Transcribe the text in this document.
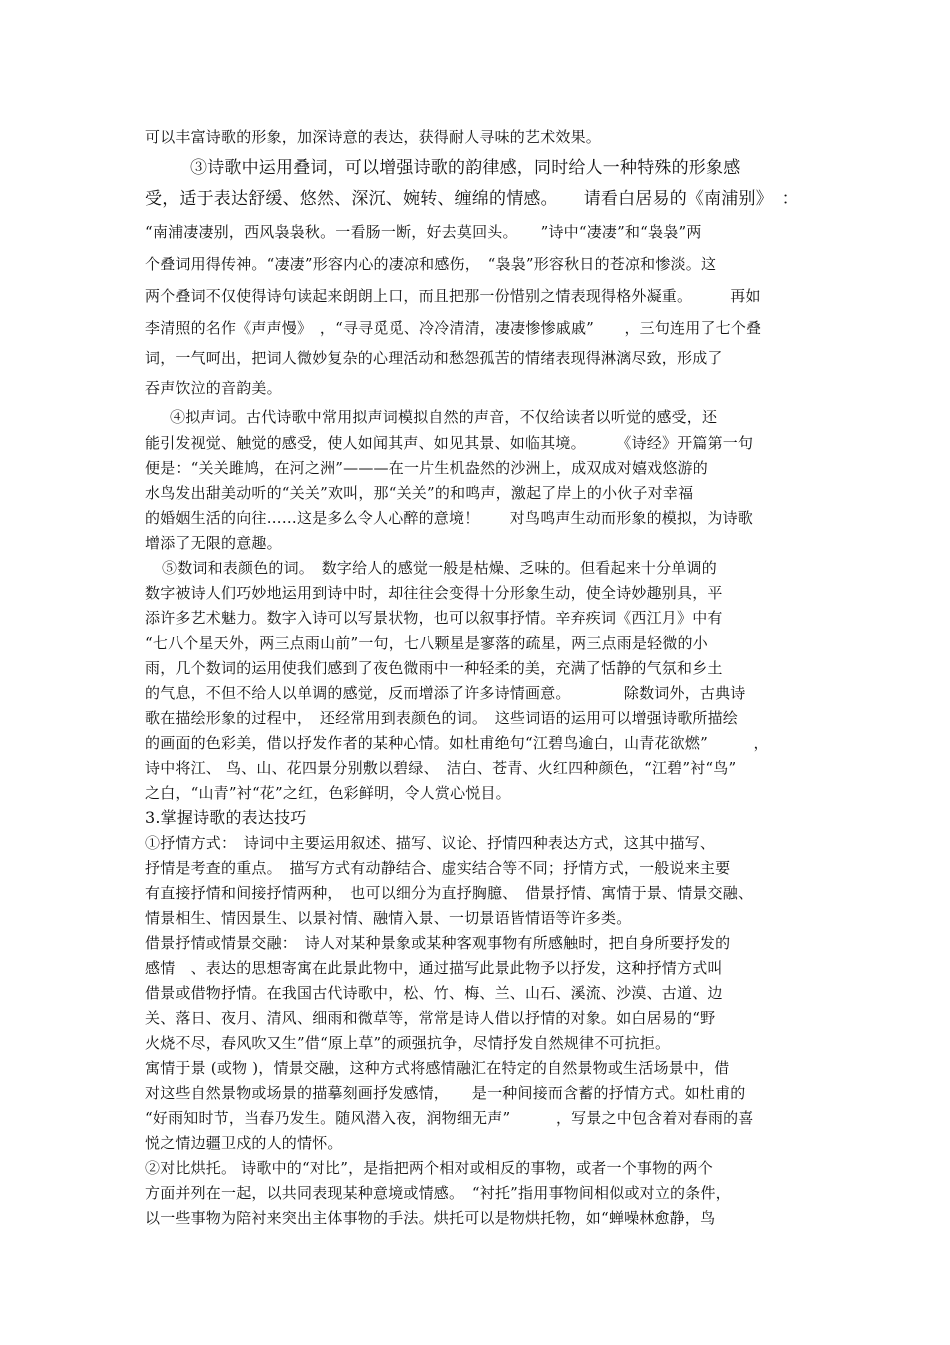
可以丰富诗歌的形象，加深诗意的表达，获得耐人寻味的艺术效果。
③诗歌中运用叠词，可以增强诗歌的韵律感，同时给人一种特殊的形象感
受，适于表达舒缓、悠然、深沉、婉转、缠绵的情感。　　请看白居易的《南浦别》　：
“南浦凄凄别，西风袅袅秋。一看肠一断，好去莫回头。　　”诗中“凄凄”和“袅袅”两
个叠词用得传神。“凄凄”形容内心的凄凉和感伤，　“袅袅”形容秋日的苍凉和惨淡。这
两个叠词不仅使得诗句读起来朗朗上口，而且把那一份惜别之情表现得格外凝重。　　　再如
李清照的名作《声声慢》　，“寻寻觅觅、冷冷清清，凄凄惨惨戚戚”　　，三句连用了七个叠
词，一气呵出，把词人微妙复杂的心理活动和愁怨孤苦的情绪表现得淋漓尽致，形成了
吞声饮泣的音韵美。
④拟声词。古代诗歌中常用拟声词模拟自然的声音，不仅给读者以听觉的感受，还
能引发视觉、触觉的感受，使人如闻其声、如见其景、如临其境。　　　《诗经》开篇第一句
便是：“关关雎鸠，在河之洲”———在一片生机盎然的沙洲上，成双成对嬉戏悠游的
水鸟发出甜美动听的“关关”欢叫，那“关关”的和鸣声，激起了岸上的小伙子对幸福
的婚姻生活的向往……这是多么令人心醉的意境！　　对鸟鸣声生动而形象的模拟，为诗歌
增添了无限的意趣。
⑤数词和表颜色的词。　数字给人的感觉一般是枯燥、乏味的。但看起来十分单调的
数字被诗人们巧妙地运用到诗中时，却往往会变得十分形象生动，使全诗妙趣别具，平
添许多艺术魅力。数字入诗可以写景状物，也可以叙事抒情。辛弃疾词《西江月》中有
“七八个星天外，两三点雨山前”一句，七八颗星是寥落的疏星，两三点雨是轻微的小
雨，几个数词的运用使我们感到了夜色微雨中一种轻柔的美，充满了恬静的气氛和乡土
的气息，不但不给人以单调的感觉，反而增添了许多诗情画意。　　　　除数词外，古典诗
歌在描绘形象的过程中，　还经常用到表颜色的词。　这些词语的运用可以增强诗歌所描绘
的画面的色彩美，借以抒发作者的某种心情。如杜甫绝句“江碧鸟逾白，山青花欲燃”　　　，
诗中将江、 鸟、山、花四景分别敷以碧绿、　洁白、苍青、火红四种颜色，“江碧”衬“鸟”
之白，“山青”衬“花”之红，色彩鲜明，令人赏心悦目。
3.掌握诗歌的表达技巧
①抒情方式：　诗词中主要运用叙述、描写、议论、抒情四种表达方式，这其中描写、
抒情是考查的重点。　描写方式有动静结合、虚实结合等不同；抒情方式，一般说来主要
有直接抒情和间接抒情两种，　也可以细分为直抒胸臆、　借景抒情、寓情于景、情景交融、
情景相生、情因景生、以景衬情、融情入景、一切景语皆情语等许多类。
借景抒情或情景交融：　诗人对某种景象或某种客观事物有所感触时，把自身所要抒发的
感情　、表达的思想寄寓在此景此物中，通过描写此景此物予以抒发，这种抒情方式叫
借景或借物抒情。在我国古代诗歌中，松、竹、梅、兰、山石、溪流、沙漠、古道、边
关、落日、夜月、清风、细雨和微草等，常常是诗人借以抒情的对象。如白居易的“野
火烧不尽，春风吹又生”借“原上草”的顽强抗争，尽情抒发自然规律不可抗拒。
寓情于景 (或物 )，情景交融，这种方式将感情融汇在特定的自然景物或生活场景中，借
对这些自然景物或场景的描摹刻画抒发感情，　　是一种间接而含蓄的抒情方式。如杜甫的
“好雨知时节，当春乃发生。随风潜入夜，润物细无声”　　　，写景之中包含着对春雨的喜
悦之情边疆卫戍的人的情怀。
②对比烘托。 诗歌中的“对比”，是指把两个相对或相反的事物，或者一个事物的两个
方面并列在一起，以共同表现某种意境或情感。　“衬托”指用事物间相似或对立的条件，
以一些事物为陪衬来突出主体事物的手法。烘托可以是物烘托物，如“蝉噪林愈静，鸟
